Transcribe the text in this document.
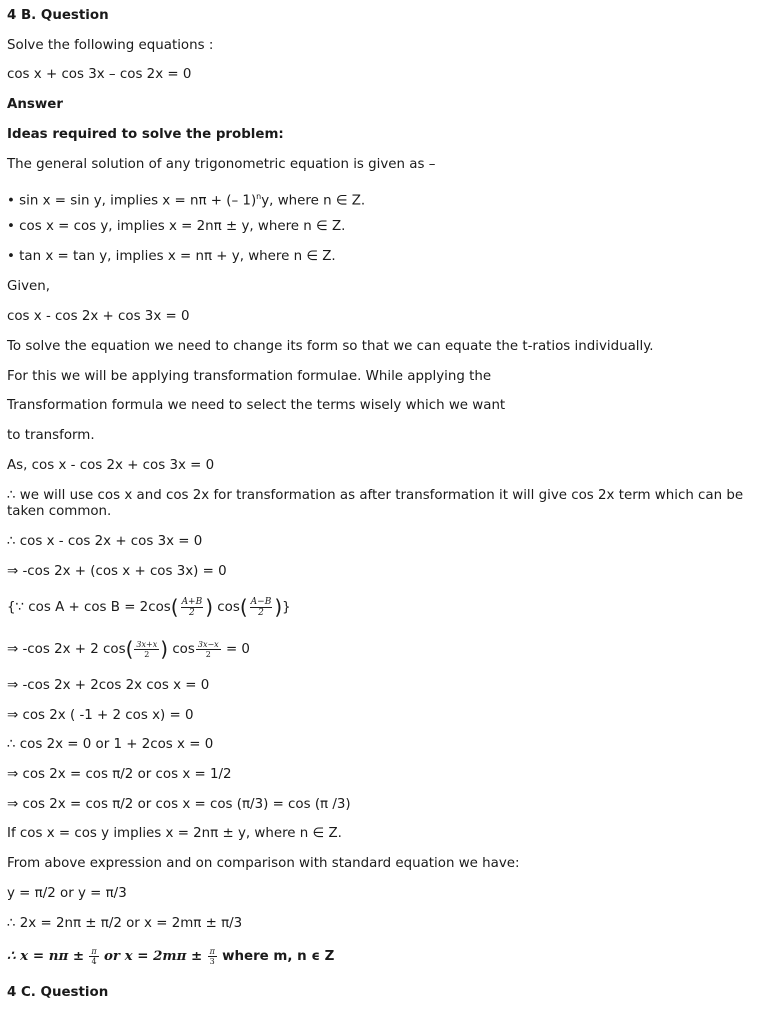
4 B. Question
Solve the following equations :
cos x + cos 3x – cos 2x = 0
Answer
Ideas required to solve the problem:
The general solution of any trigonometric equation is given as –
• sin x = sin y, implies x = nπ + (– 1)$^n$y, where n ∈ Z.
• cos x = cos y, implies x = 2nπ ± y, where n ∈ Z.
• tan x = tan y, implies x = nπ + y, where n ∈ Z.
Given,
cos x - cos 2x + cos 3x = 0
To solve the equation we need to change its form so that we can equate the t-ratios individually.
For this we will be applying transformation formulae. While applying the
Transformation formula we need to select the terms wisely which we want
to transform.
As, cos x - cos 2x + cos 3x = 0
∴ we will use cos x and cos 2x for transformation as after transformation it will give cos 2x term which can be taken common.
∴ cos x - cos 2x + cos 3x = 0
⇒ -cos 2x + (cos x + cos 3x) = 0
{∵ $\cos A + \cos B = 2\cos( \frac{A+B}{2}$ ) $\cos( \frac{A-B}{2}$ )}
⇒ -cos 2x + 2 $\cos( \frac{3x+x}{2}$ ) $\cos \frac{3x-x}{2} = 0$
⇒ -cos 2x + 2cos 2x cos x = 0
⇒ cos 2x ( -1 + 2 cos x) = 0
∴ cos 2x = 0 or 1 + 2cos x = 0
⇒ cos 2x = cos π/2 or cos x = 1/2
⇒ cos 2x = cos π/2 or cos x = cos (π/3) = cos (π /3)
If cos x = cos y implies x = 2nπ ± y, where n ∈ Z.
From above expression and on comparison with standard equation we have:
y = π/2 or y = π/3
∴ 2x = 2nπ ± π/2 or x = 2mπ ± π/3
∴ $x = n\pi \pm \frac{\pi}{4}$ or $x = 2m\pi \pm \frac{\pi}{3}$ where m, n ϵ Z
4 C. Question
